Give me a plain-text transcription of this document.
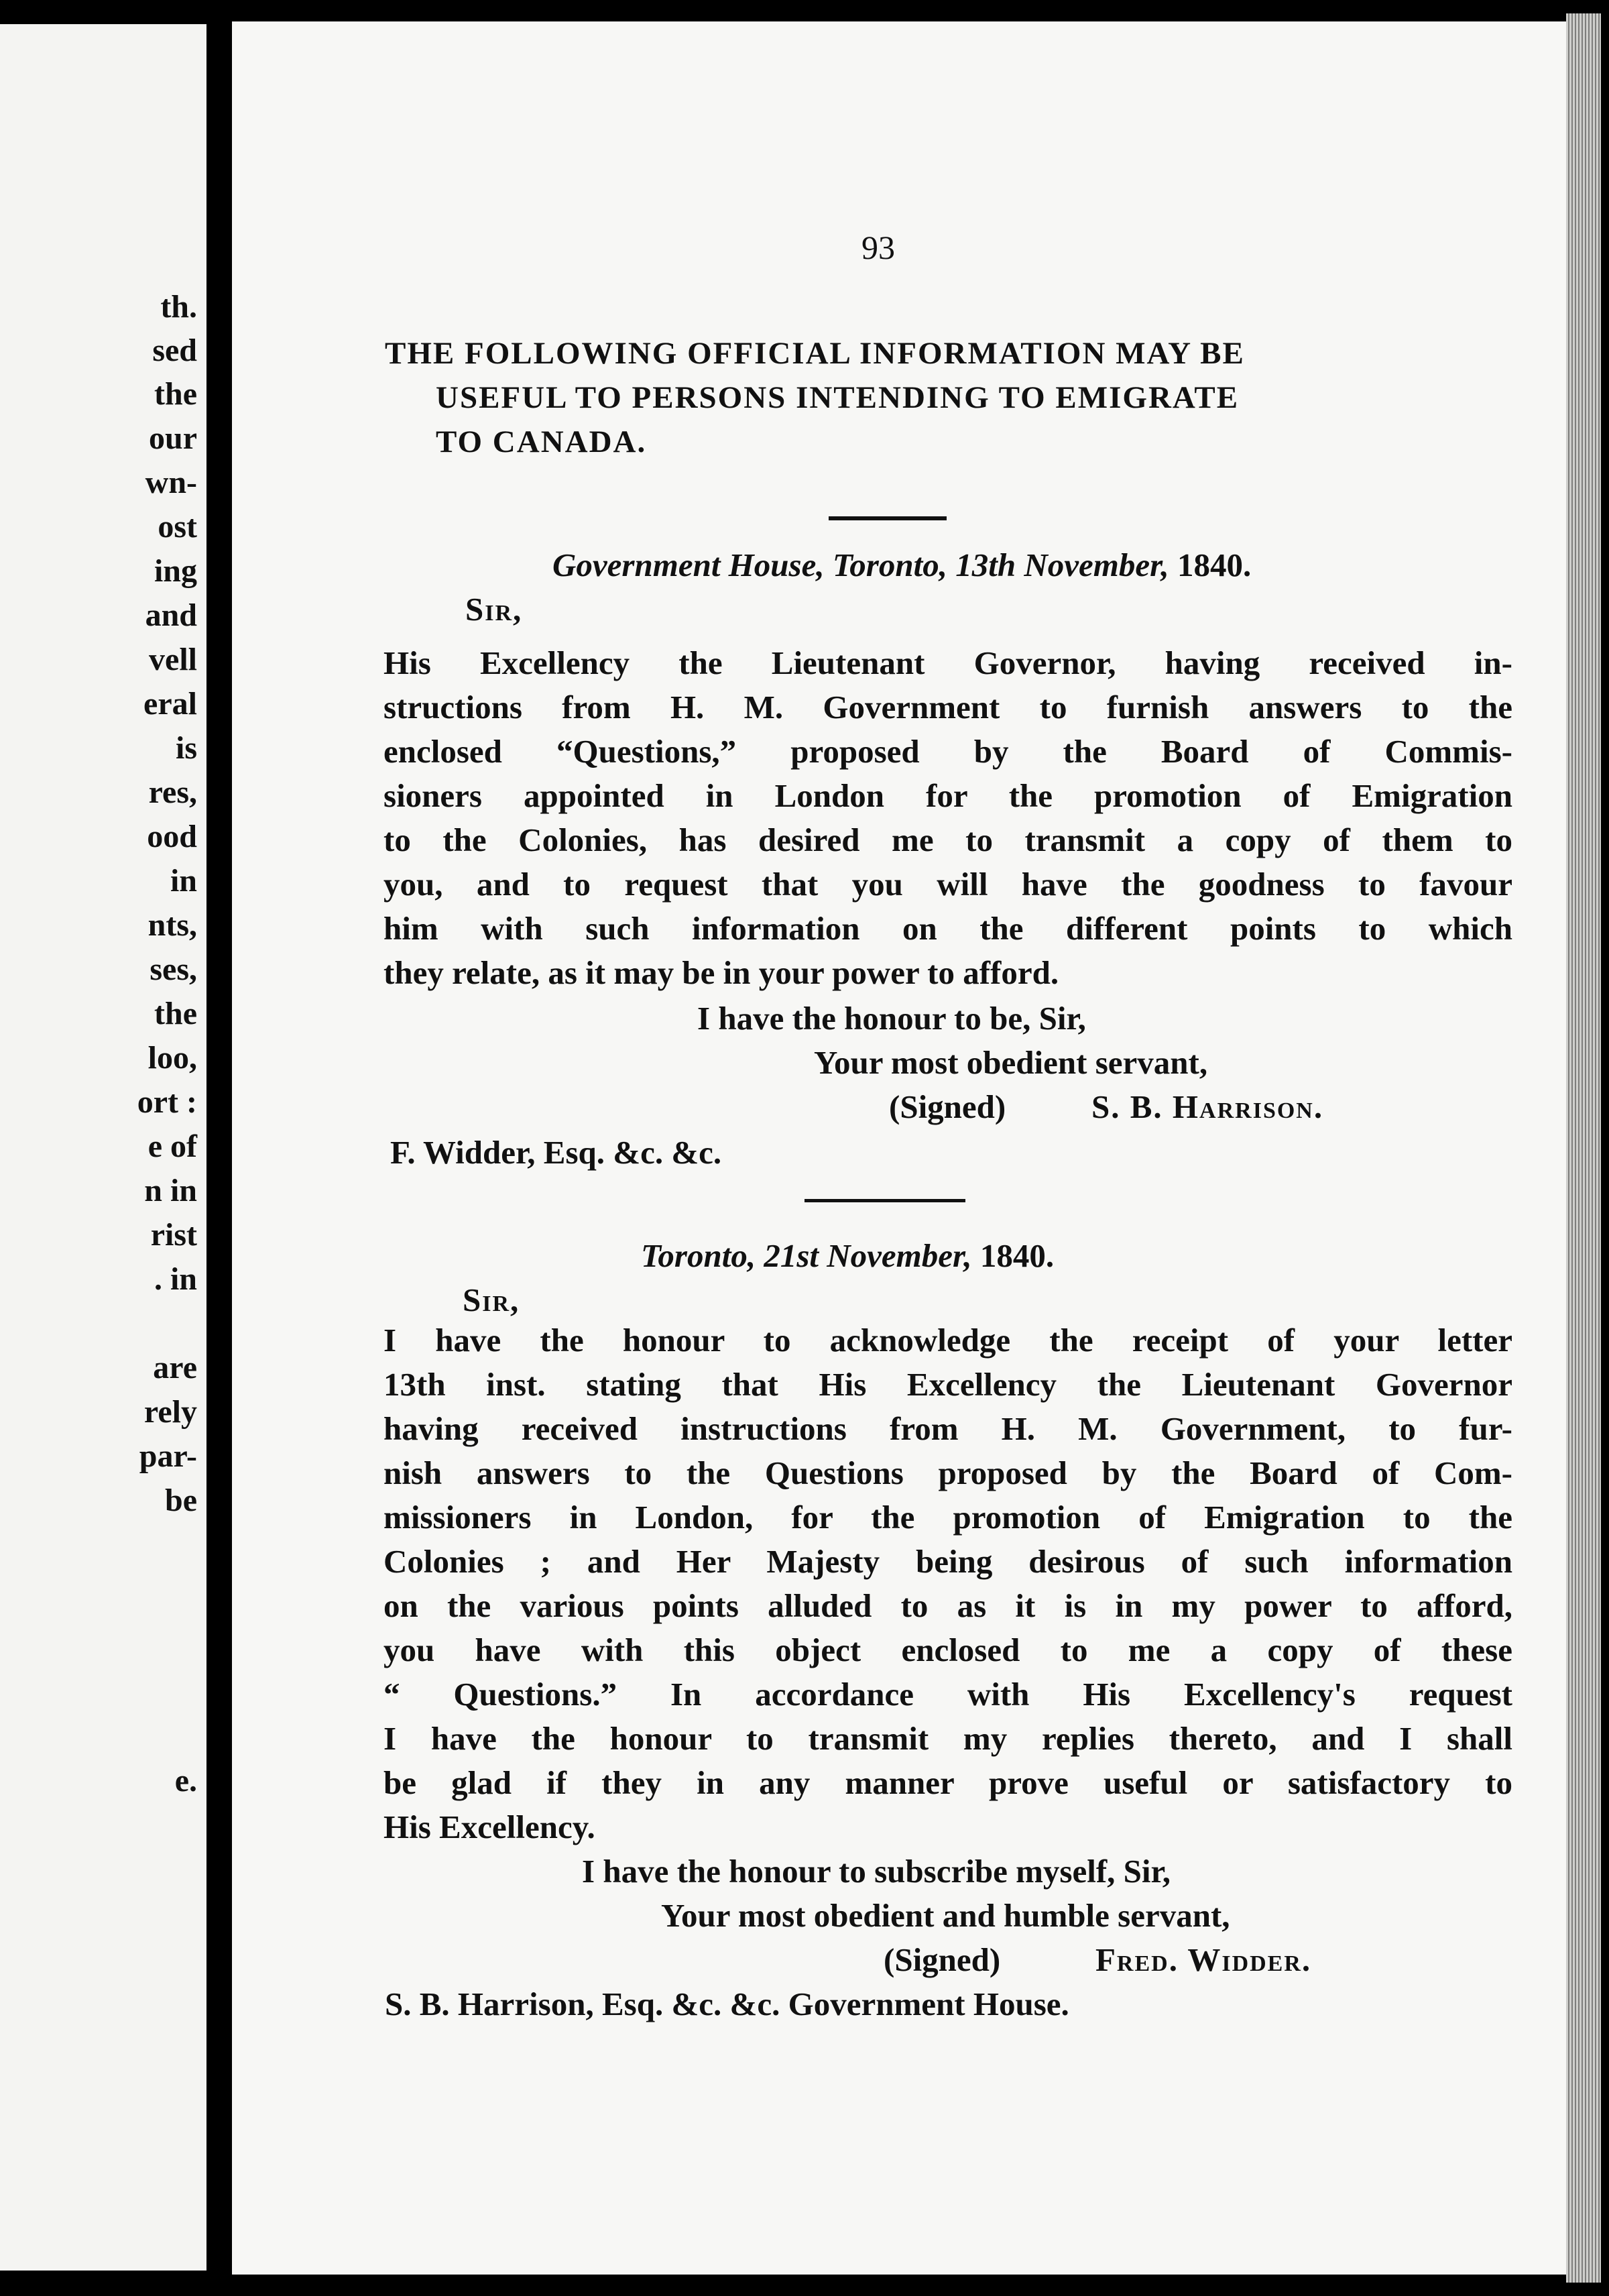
th.
sed
the
our
wn-
ost
ing
and
vell
eral
is
res,
ood
in
nts,
ses,
the
loo,
ort :
e of
n in
rist
. in
are
rely
par-
be
e.
93
THE FOLLOWING OFFICIAL INFORMATION MAY BE
USEFUL TO PERSONS INTENDING TO EMIGRATE
TO CANADA.
Government House, Toronto, 13th November, 1840.
Sir,
His Excellency the Lieutenant Governor, having received in-
structions from H. M. Government to furnish answers to the
enclosed “Questions,” proposed by the Board of Commis-
sioners appointed in London for the promotion of Emigration
to the Colonies, has desired me to transmit a copy of them to
you, and to request that you will have the goodness to favour
him with such information on the different points to which
they relate, as it may be in your power to afford.
I have the honour to be, Sir,
Your most obedient servant,
(Signed)	S. B. Harrison.
F. Widder, Esq. &c. &c.
Toronto, 21st November, 1840.
Sir,
I have the honour to acknowledge the receipt of your letter
13th inst. stating that His Excellency the Lieutenant Governor
having received instructions from H. M. Government, to fur-
nish answers to the Questions proposed by the Board of Com-
missioners in London, for the promotion of Emigration to the
Colonies ; and Her Majesty being desirous of such information
on the various points alluded to as it is in my power to afford,
you have with this object enclosed to me a copy of these
“ Questions.” In accordance with His Excellency's request
I have the honour to transmit my replies thereto, and I shall
be glad if they in any manner prove useful or satisfactory to
His Excellency.
I have the honour to subscribe myself, Sir,
Your most obedient and humble servant,
(Signed)	Fred. Widder.
S. B. Harrison, Esq. &c. &c. Government House.
